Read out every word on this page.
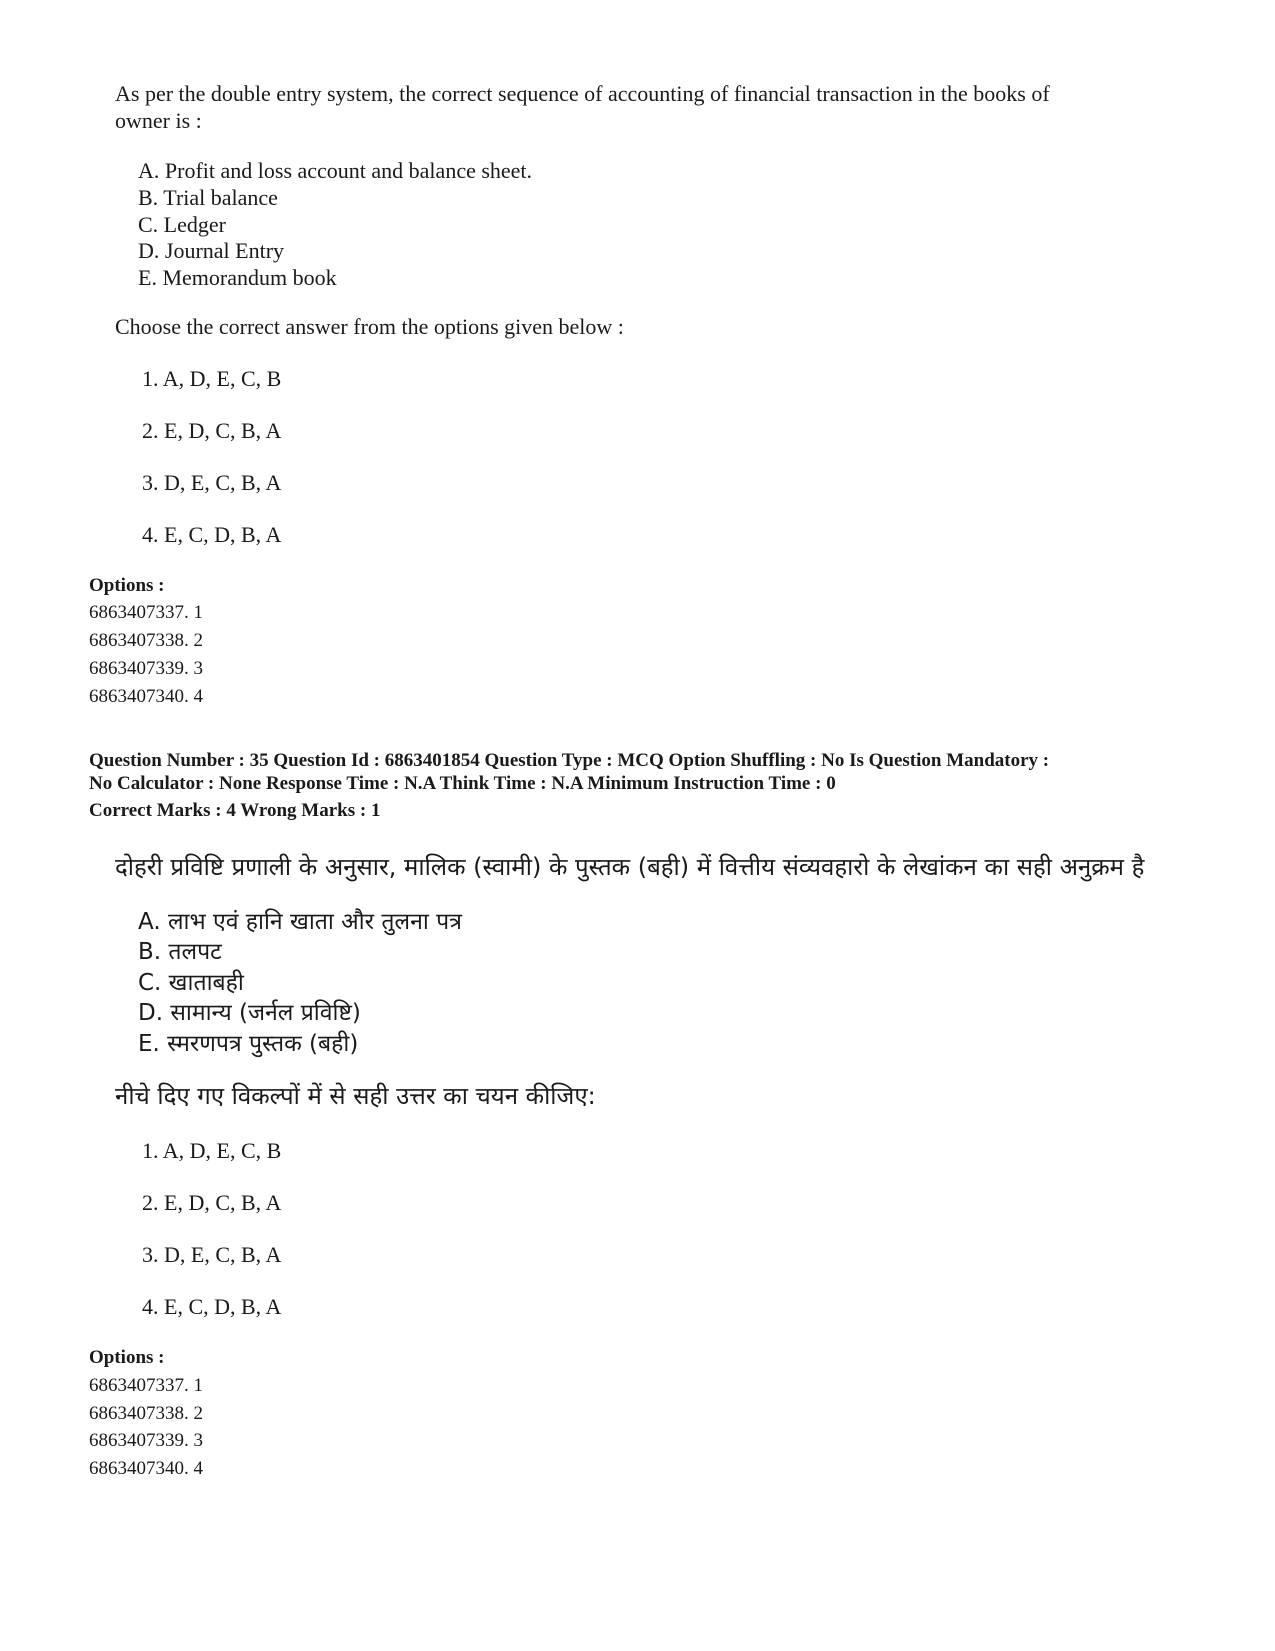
As per the double entry system, the correct sequence of accounting of financial transaction in the books of
owner is :
A. Profit and loss account and balance sheet.
B. Trial balance
C. Ledger
D. Journal Entry
E. Memorandum book
Choose the correct answer from the options given below :
1. A, D, E, C, B
2. E, D, C, B, A
3. D, E, C, B, A
4. E, C, D, B, A
Options :
6863407337. 1
6863407338. 2
6863407339. 3
6863407340. 4
Question Number : 35 Question Id : 6863401854 Question Type : MCQ Option Shuffling : No Is Question Mandatory :
No Calculator : None Response Time : N.A Think Time : N.A Minimum Instruction Time : 0
Correct Marks : 4 Wrong Marks : 1
दोहरी प्रविष्टि प्रणाली के अनुसार, मालिक (स्वामी) के पुस्तक (बही) में वित्तीय संव्यवहारो के लेखांकन का सही अनुक्रम है
A. लाभ एवं हानि खाता और तुलना पत्र
B. तलपट
C. खाताबही
D. सामान्य (जर्नल प्रविष्टि)
E. स्मरणपत्र पुस्तक (बही)
नीचे दिए गए विकल्पों में से सही उत्तर का चयन कीजिए:
1. A, D, E, C, B
2. E, D, C, B, A
3. D, E, C, B, A
4. E, C, D, B, A
Options :
6863407337. 1
6863407338. 2
6863407339. 3
6863407340. 4
